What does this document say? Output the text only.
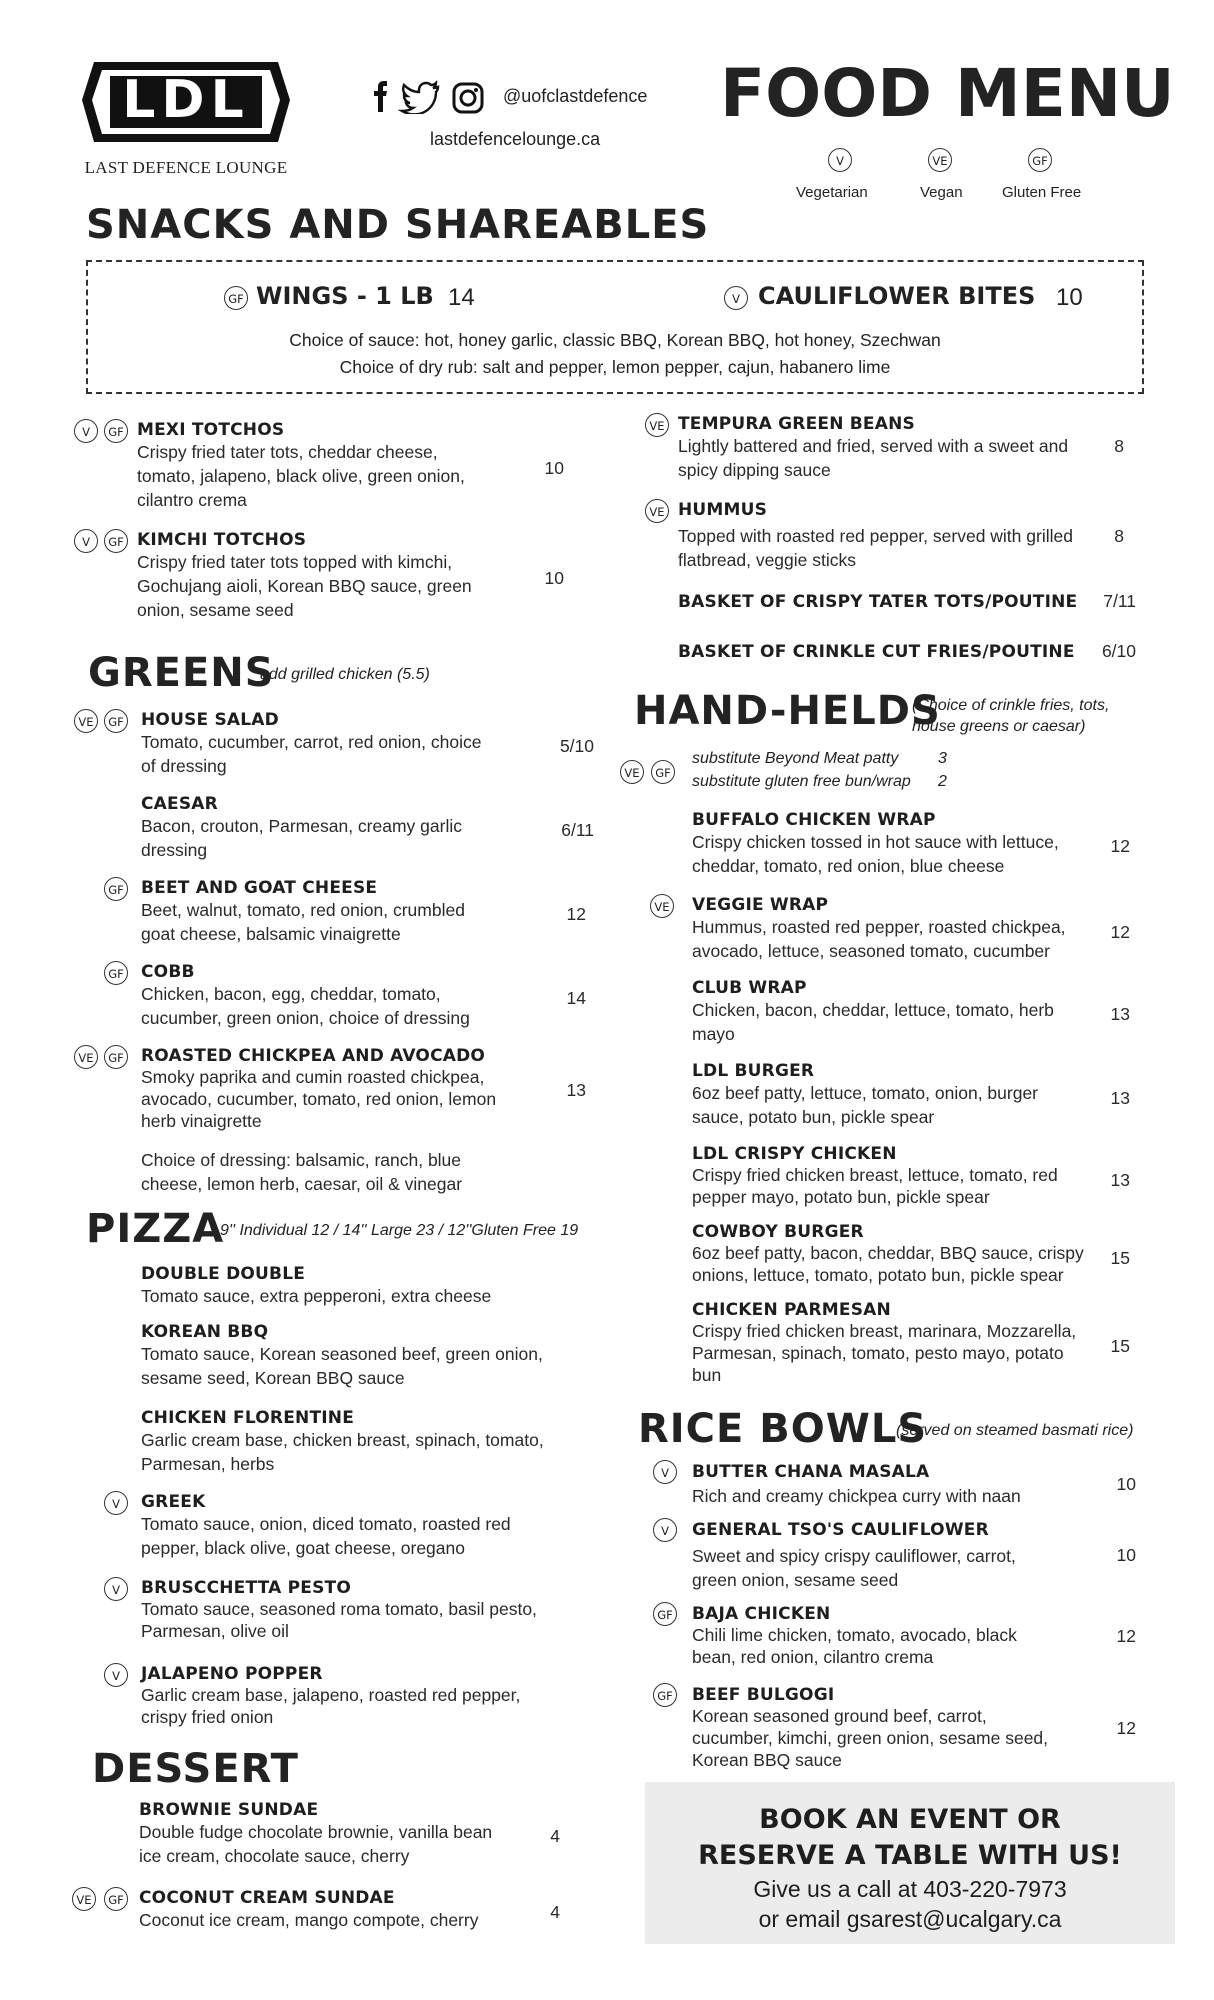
LDL
LAST DEFENCE LOUNGE
@uofclastdefence
lastdefencelounge.ca
FOOD MENU
V
Vegetarian
VE
Vegan
GF
Gluten Free
SNACKS AND SHAREABLES
GF WINGS - 1 LB 14	V CAULIFLOWER BITES 10
Choice of sauce: hot, honey garlic, classic BBQ, Korean BBQ, hot honey, Szechwan
Choice of dry rub: salt and pepper, lemon pepper, cajun, habanero lime
V	GF MEXI TOTCHOS
Crispy fried tater tots, cheddar cheese,
tomato, jalapeno, black olive, green onion,
cilantro crema
10
V	GF KIMCHI TOTCHOS
Crispy fried tater tots topped with kimchi,
Gochujang aioli, Korean BBQ sauce, green
onion, sesame seed
10
VE TEMPURA GREEN BEANS
Lightly battered and fried, served with a sweet and
spicy dipping sauce
8
VE HUMMUS
Topped with roasted red pepper, served with grilled
flatbread, veggie sticks
8
BASKET OF CRISPY TATER TOTS/POUTINE	7/11
BASKET OF CRINKLE CUT FRIES/POUTINE	6/10
GREENS
add grilled chicken (5.5)
VE	GF HOUSE SALAD
Tomato, cucumber, carrot, red onion, choice
of dressing
5/10
CAESAR
Bacon, crouton, Parmesan, creamy garlic
dressing
6/11
GF BEET AND GOAT CHEESE
Beet, walnut, tomato, red onion, crumbled
goat cheese, balsamic vinaigrette
12
GF COBB
Chicken, bacon, egg, cheddar, tomato,
cucumber, green onion, choice of dressing
14
VE	GF ROASTED CHICKPEA AND AVOCADO
Smoky paprika and cumin roasted chickpea,
avocado, cucumber, tomato, red onion, lemon
herb vinaigrette
13
Choice of dressing: balsamic, ranch, blue
cheese, lemon herb, caesar, oil & vinegar
PIZZA
9'' Individual 12 / 14'' Large 23 / 12''Gluten Free 19
DOUBLE DOUBLE
Tomato sauce, extra pepperoni, extra cheese
KOREAN BBQ
Tomato sauce, Korean seasoned beef, green onion,
sesame seed, Korean BBQ sauce
CHICKEN FLORENTINE
Garlic cream base, chicken breast, spinach, tomato,
Parmesan, herbs
V	GREEK
Tomato sauce, onion, diced tomato, roasted red
pepper, black olive, goat cheese, oregano
V	BRUSCCHETTA PESTO
Tomato sauce, seasoned roma tomato, basil pesto,
Parmesan, olive oil
V	JALAPENO POPPER
Garlic cream base, jalapeno, roasted red pepper,
crispy fried onion
DESSERT
BROWNIE SUNDAE
Double fudge chocolate brownie, vanilla bean
ice cream, chocolate sauce, cherry
4
VE	GF COCONUT CREAM SUNDAE
Coconut ice cream, mango compote, cherry	4
HAND-HELDS
(Choice of crinkle fries, tots,
house greens or caesar)
VE	GF
substitute Beyond Meat patty 3
substitute gluten free bun/wrap 2
BUFFALO CHICKEN WRAP
Crispy chicken tossed in hot sauce with lettuce,
cheddar, tomato, red onion, blue cheese
12
VE VEGGIE WRAP
Hummus, roasted red pepper, roasted chickpea,
avocado, lettuce, seasoned tomato, cucumber
12
CLUB WRAP
Chicken, bacon, cheddar, lettuce, tomato, herb
mayo
13
LDL BURGER
6oz beef patty, lettuce, tomato, onion, burger
sauce, potato bun, pickle spear
13
LDL CRISPY CHICKEN
Crispy fried chicken breast, lettuce, tomato, red
pepper mayo, potato bun, pickle spear
13
COWBOY BURGER
6oz beef patty, bacon, cheddar, BBQ sauce, crispy
onions, lettuce, tomato, potato bun, pickle spear
15
CHICKEN PARMESAN
Crispy fried chicken breast, marinara, Mozzarella,
Parmesan, spinach, tomato, pesto mayo, potato
bun
15
RICE BOWLS
(served on steamed basmati rice)
V	BUTTER CHANA MASALA
Rich and creamy chickpea curry with naan
10
V	GENERAL TSO'S CAULIFLOWER
Sweet and spicy crispy cauliflower, carrot,
green onion, sesame seed
10
GF BAJA CHICKEN
Chili lime chicken, tomato, avocado, black
bean, red onion, cilantro crema
12
GF BEEF BULGOGI
Korean seasoned ground beef, carrot,
cucumber, kimchi, green onion, sesame seed,
Korean BBQ sauce
12
BOOK AN EVENT OR
RESERVE A TABLE WITH US!
Give us a call at 403-220-7973
or email gsarest@ucalgary.ca
